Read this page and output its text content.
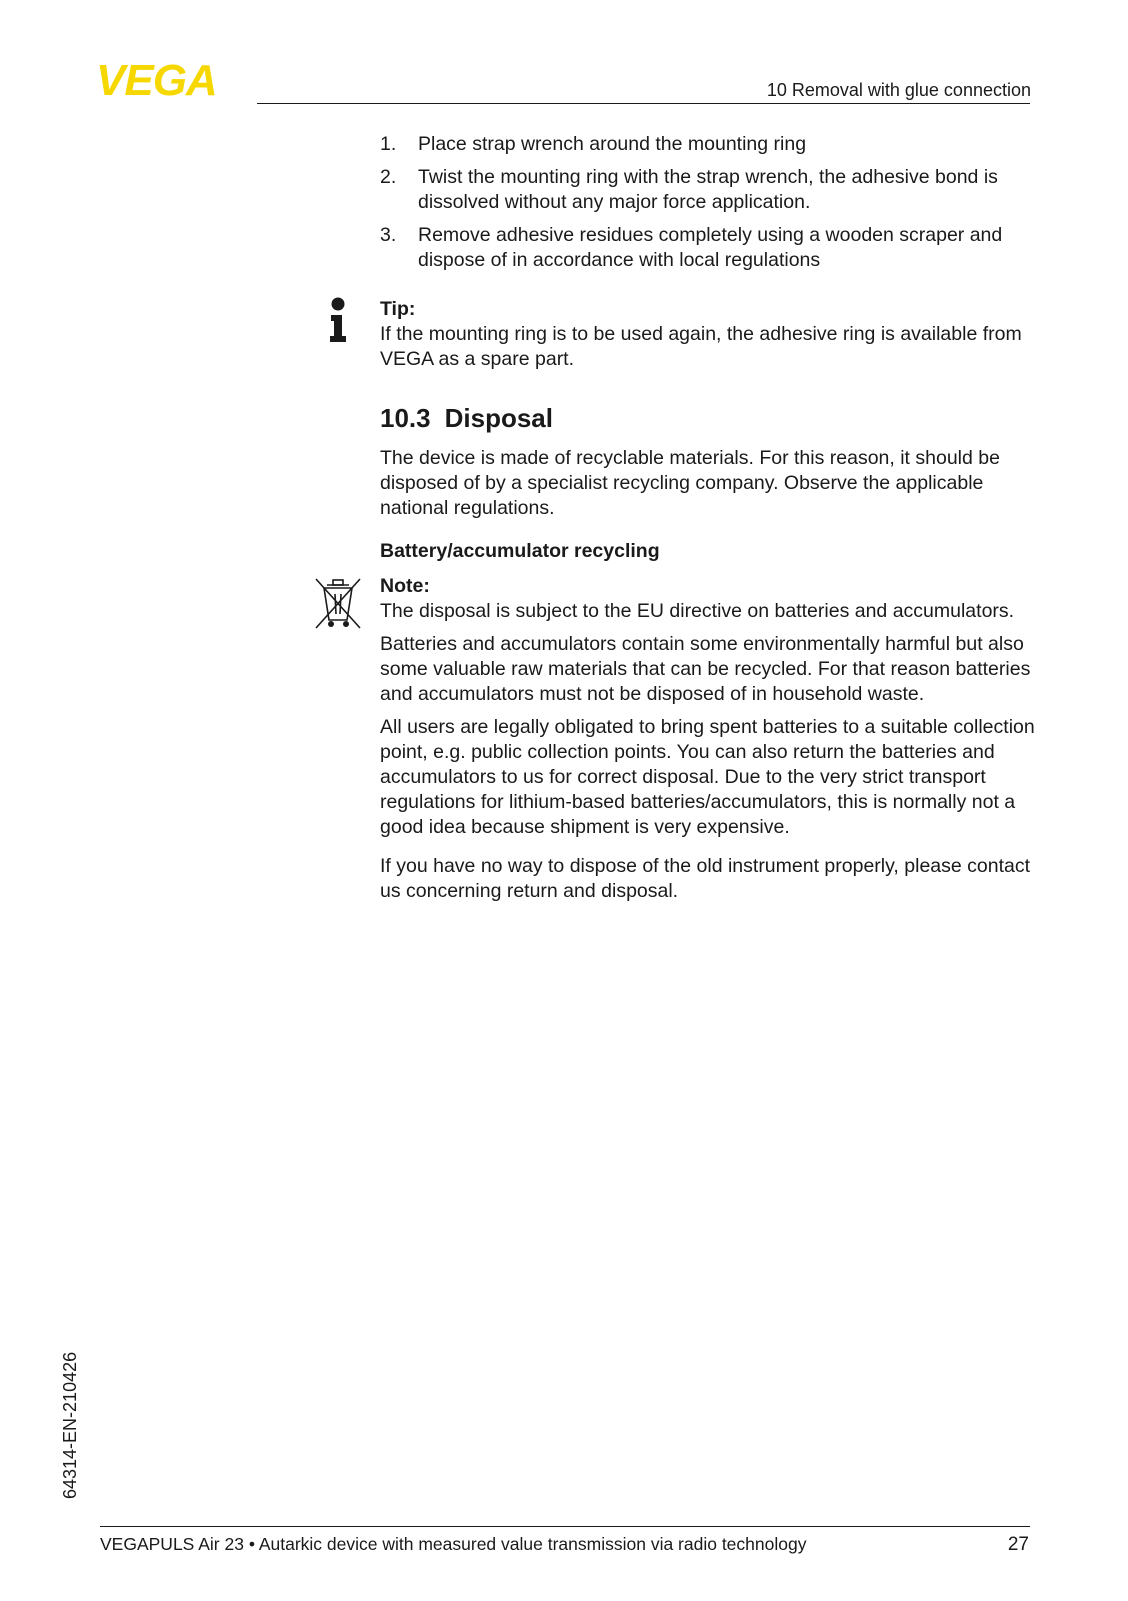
VEGA	10 Removal with glue connection
1.	Place strap wrench around the mounting ring
2.	Twist the mounting ring with the strap wrench, the adhesive bond is dissolved without any major force application.
3.	Remove adhesive residues completely using a wooden scraper and dispose of in accordance with local regulations
Tip:

If the mounting ring is to be used again, the adhesive ring is available from VEGA as a spare part.

10.3 Disposal

The device is made of recyclable materials. For this reason, it should be disposed of by a specialist recycling company. Observe the applicable national regulations.

Battery/accumulator recycling
Note:

The disposal is subject to the EU directive on batteries and accumulators.

Batteries and accumulators contain some environmentally harmful but also some valuable raw materials that can be recycled. For that reason batteries and accumulators must not be disposed of in household waste.

All users are legally obligated to bring spent batteries to a suitable collection point, e.g. public collection points. You can also return the batteries and accumulators to us for correct disposal. Due to the very strict transport regulations for lithium-based batteries/accumulators, this is normally not a good idea because shipment is very expensive.

If you have no way to dispose of the old instrument properly, please contact us concerning return and disposal.

64314-EN-210426
VEGAPULS Air 23 • Autarkic device with measured value transmission via radio technology	27
